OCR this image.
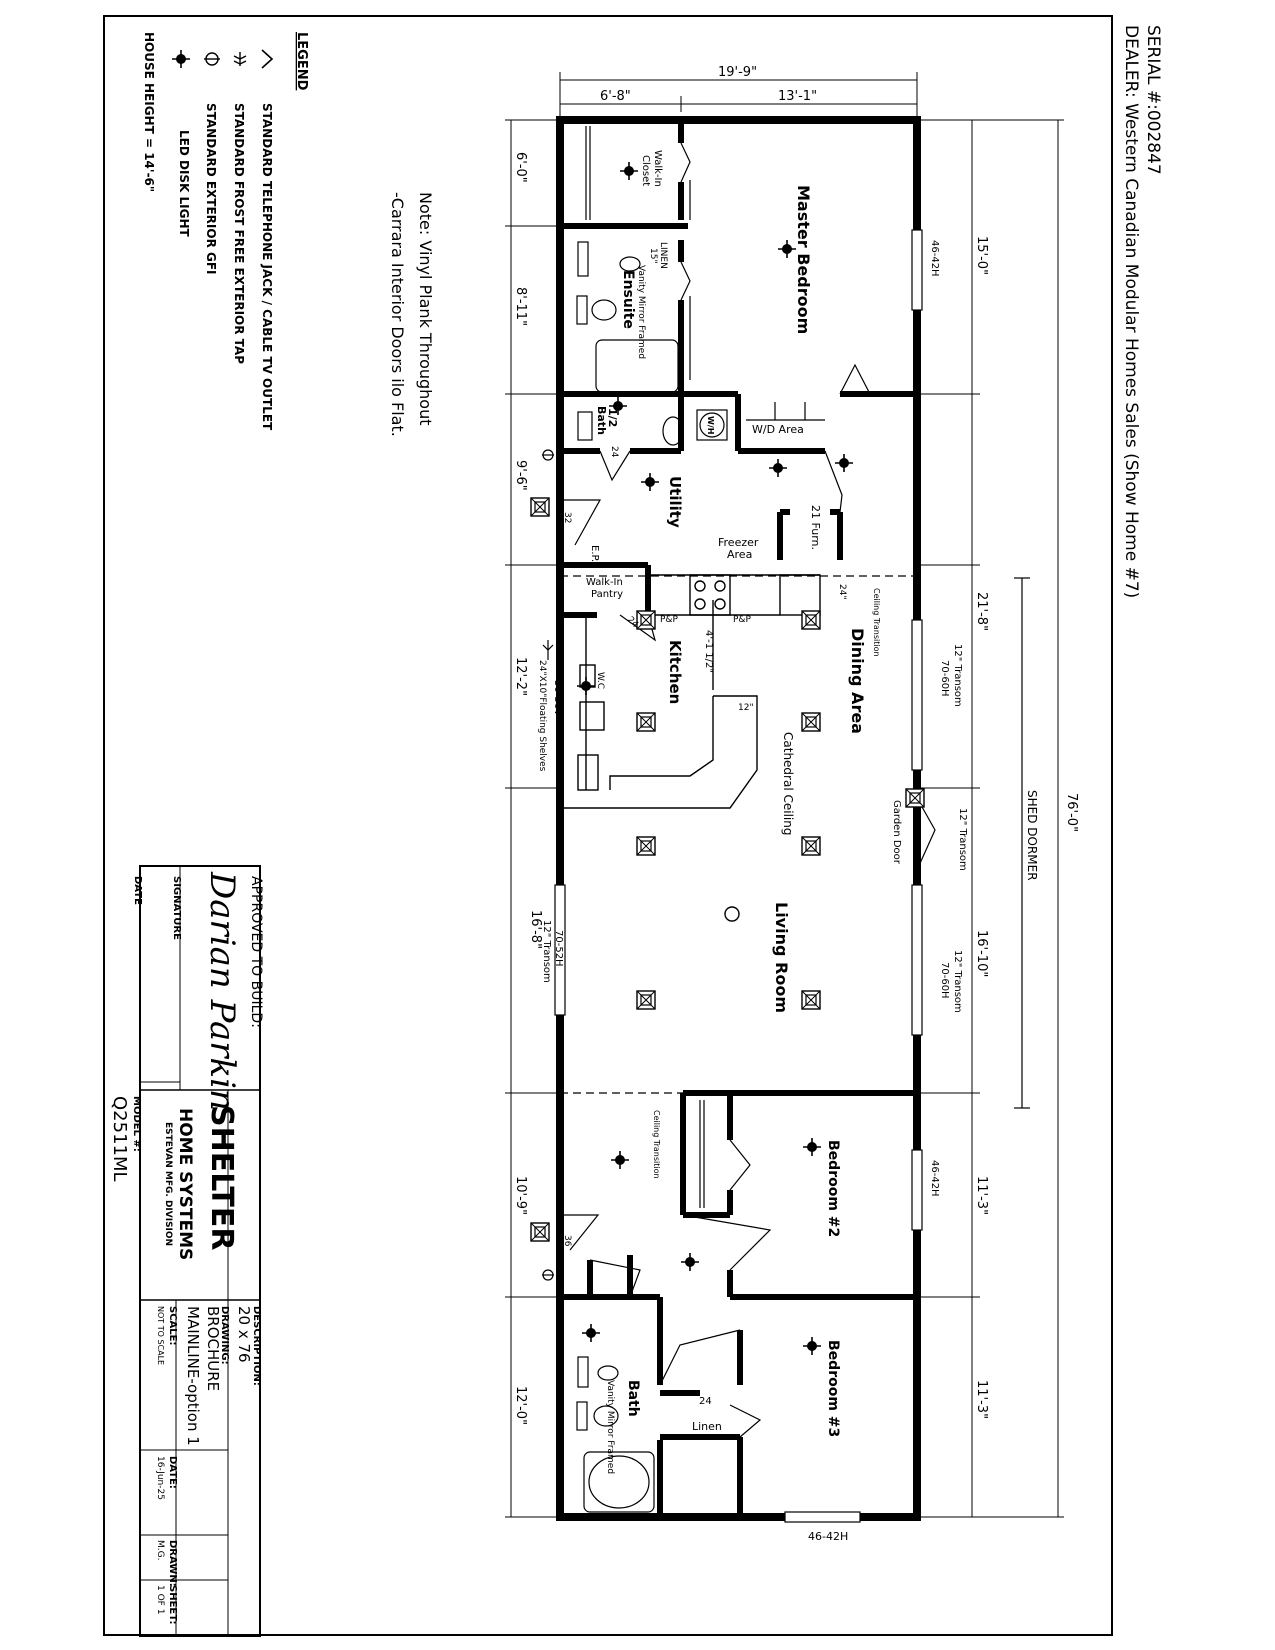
SERIAL #:002847
DEALER: Western Canadian Modular Homes Sales (Show Home #7)
LEGEND
STANDARD TELEPHONE JACK / CABLE TV OUTLET
STANDARD FROST FREE EXTERIOR TAP
STANDARD EXTERIOR GFI
LED DISK LIGHT
HOUSE HEIGHT = 14'-6"
Note: Vinyl Plank Throughout
-Carrara Interior Doors ilo Flat.	Master Bedroom
Walk-In
Closet
LINEN
15"
Ensuite Vanity Mirror Framed
1/2
Bath	W/D Area
W/H
Utility	21 Furn.
Freezer
Area
E.P.
Walk-In
Pantry
Kitchen	Dining Area
Cathedral Ceiling
Ceiling Transition
Garden Door
Living Room
Ceiling Transition	Bedroom #2
Bedroom #3
Bath
Vanity Mirror Framed	24
Linen
P&P	P&P
W.C
30-36V
24"X10"Floating Shelves
4'-1 1/2"
12"
24"
24
24
32
36
46-42H
12" Transom
70-60H
12" Transom
12" Transom
70-60H
70-52H
12" Transom
46-42H
46-42H
19'-9"
6'-8"	13'-1"
76'-0"
SHED DORMER
15'-0"
21'-8"
16'-10"
11'-3"
11'-3"
6'-0"
8'-11"
9'-6"
12'-2"
16'-8"
10'-9"
12'-0"
APPROVED TO BUILD:
Darian Parkin
SIGNATURE
DATE
SHELTER
HOME SYSTEMS
ESTEVAN MFG. DIVISION
MODEL #:
Q2511ML
DESCRIPTION:
20 x 76
DRAWING:
BROCHURE
MAINLINE-option 1
SCALE:
NOT TO SCALE
DATE:
16-Jun-25
DRAWN:
M.G.
SHEET:
1 OF 1
